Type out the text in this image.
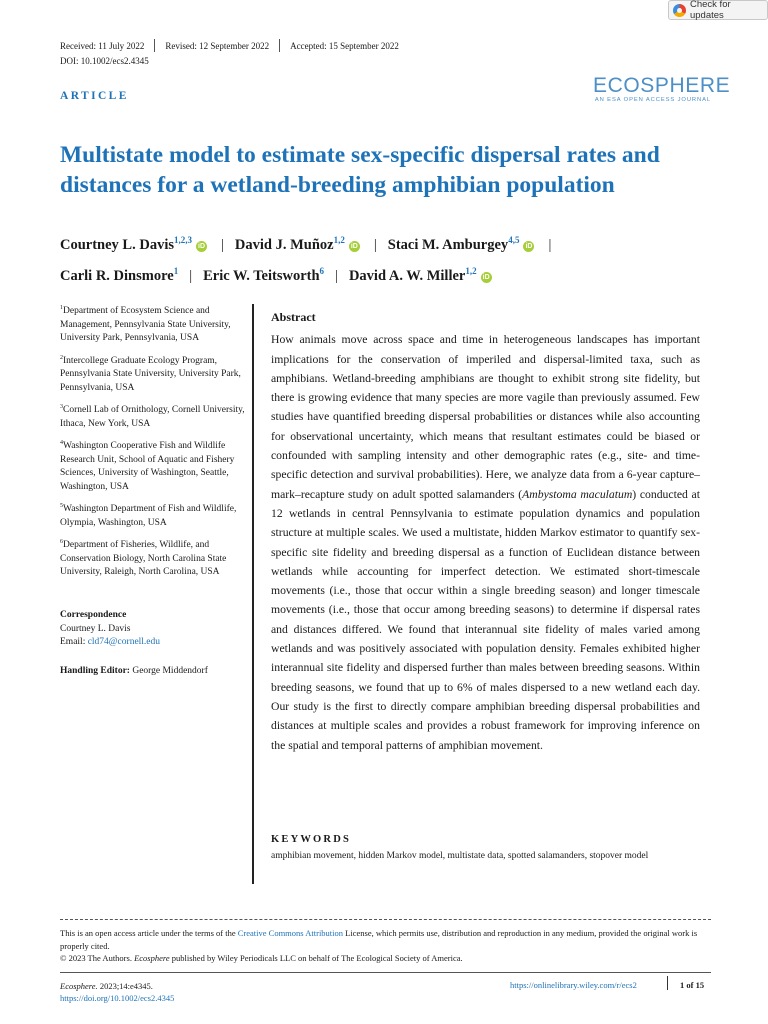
Check for updates
Received: 11 July 2022 Revised: 12 September 2022 Accepted: 15 September 2022
DOI: 10.1002/ecs2.4345
ARTICLE	ECOSPHERE
AN ESA OPEN ACCESS JOURNAL
Multistate model to estimate sex-specific dispersal rates and distances for a wetland-breeding amphibian population
Courtney L. Davis$^{1,2,3}$iD | David J. Muñoz$^{1,2}$iD | Staci M. Amburgey$^{4,5}$iD |
Carli R. Dinsmore$^1$ | Eric W. Teitsworth$^6$ | David A. W. Miller$^{1,2}$iD

$^1$Department of Ecosystem Science and Management, Pennsylvania State University, University Park, Pennsylvania, USA

$^2$Intercollege Graduate Ecology Program, Pennsylvania State University, University Park, Pennsylvania, USA

$^3$Cornell Lab of Ornithology, Cornell University, Ithaca, New York, USA

$^4$Washington Cooperative Fish and Wildlife Research Unit, School of Aquatic and Fishery Sciences, University of Washington, Seattle, Washington, USA

$^5$Washington Department of Fish and Wildlife, Olympia, Washington, USA

$^6$Department of Fisheries, Wildlife, and Conservation Biology, North Carolina State University, Raleigh, North Carolina, USA

Correspondence
Courtney L. Davis
Email: cld74@cornell.edu
Handling Editor: George Middendorf
Abstract

How animals move across space and time in heterogeneous landscapes has important implications for the conservation of imperiled and dispersal-limited taxa, such as amphibians. Wetland-breeding amphibians are thought to exhibit strong site fidelity, but there is growing evidence that many species are more vagile than previously assumed. Few studies have quantified breeding dispersal probabilities or distances while also accounting for observational uncertainty, which means that resultant estimates could be biased or confounded with sampling intensity and other demographic rates (e.g., site- and time-specific detection and survival probabilities). Here, we analyze data from a 6-year capture–mark–recapture study on adult spotted salamanders (Ambystoma maculatum) conducted at 12 wetlands in central Pennsylvania to estimate population dynamics and population structure at multiple scales. We used a multistate, hidden Markov estimator to quantify sex-specific site fidelity and breeding dispersal as a function of Euclidean distance between wetlands while accounting for imperfect detection. We estimated short-timescale movements (i.e., those that occur within a single breeding season) and longer timescale movements (i.e., those that occur among breeding seasons) to determine if dispersal rates and distances differed. We found that interannual site fidelity of males varied among wetlands and was positively associated with population density. Females exhibited higher interannual site fidelity and dispersed further than males between breeding seasons. Within breeding seasons, we found that up to 6% of males dispersed to a new wetland each day. Our study is the first to directly compare amphibian breeding dispersal probabilities and distances at multiple scales and provides a robust framework for improving inference on the spatial and temporal patterns of amphibian movement.

KEYWORDS
amphibian movement, hidden Markov model, multistate data, spotted salamanders, stopover model
This is an open access article under the terms of the Creative Commons Attribution License, which permits use, distribution and reproduction in any medium, provided the original work is properly cited.
© 2023 The Authors. Ecosphere published by Wiley Periodicals LLC on behalf of The Ecological Society of America.
Ecosphere. 2023;14:e4345.
https://doi.org/10.1002/ecs2.4345
https://onlinelibrary.wiley.com/r/ecs2	1 of 15
